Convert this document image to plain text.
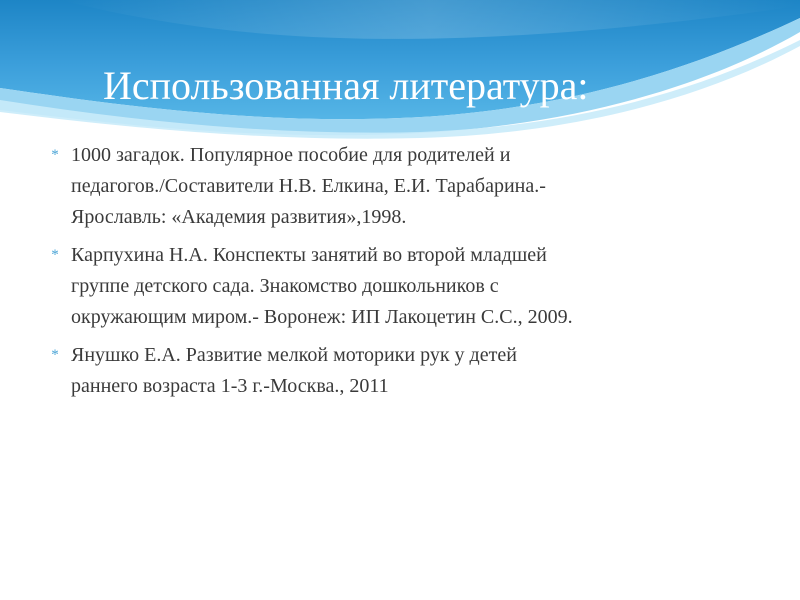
Использованная литература:
* 1000 загадок. Популярное пособие для родителей и
педагогов./Составители Н.В. Елкина, Е.И. Тарабарина.-
Ярославль: «Академия развития»,1998.
* Карпухина Н.А. Конспекты занятий во второй младшей
группе детского сада. Знакомство дошкольников с
окружающим миром.- Воронеж: ИП Лакоцетин С.С., 2009.
* Янушко Е.А. Развитие мелкой моторики рук у детей
раннего возраста 1-3 г.-Москва., 2011
